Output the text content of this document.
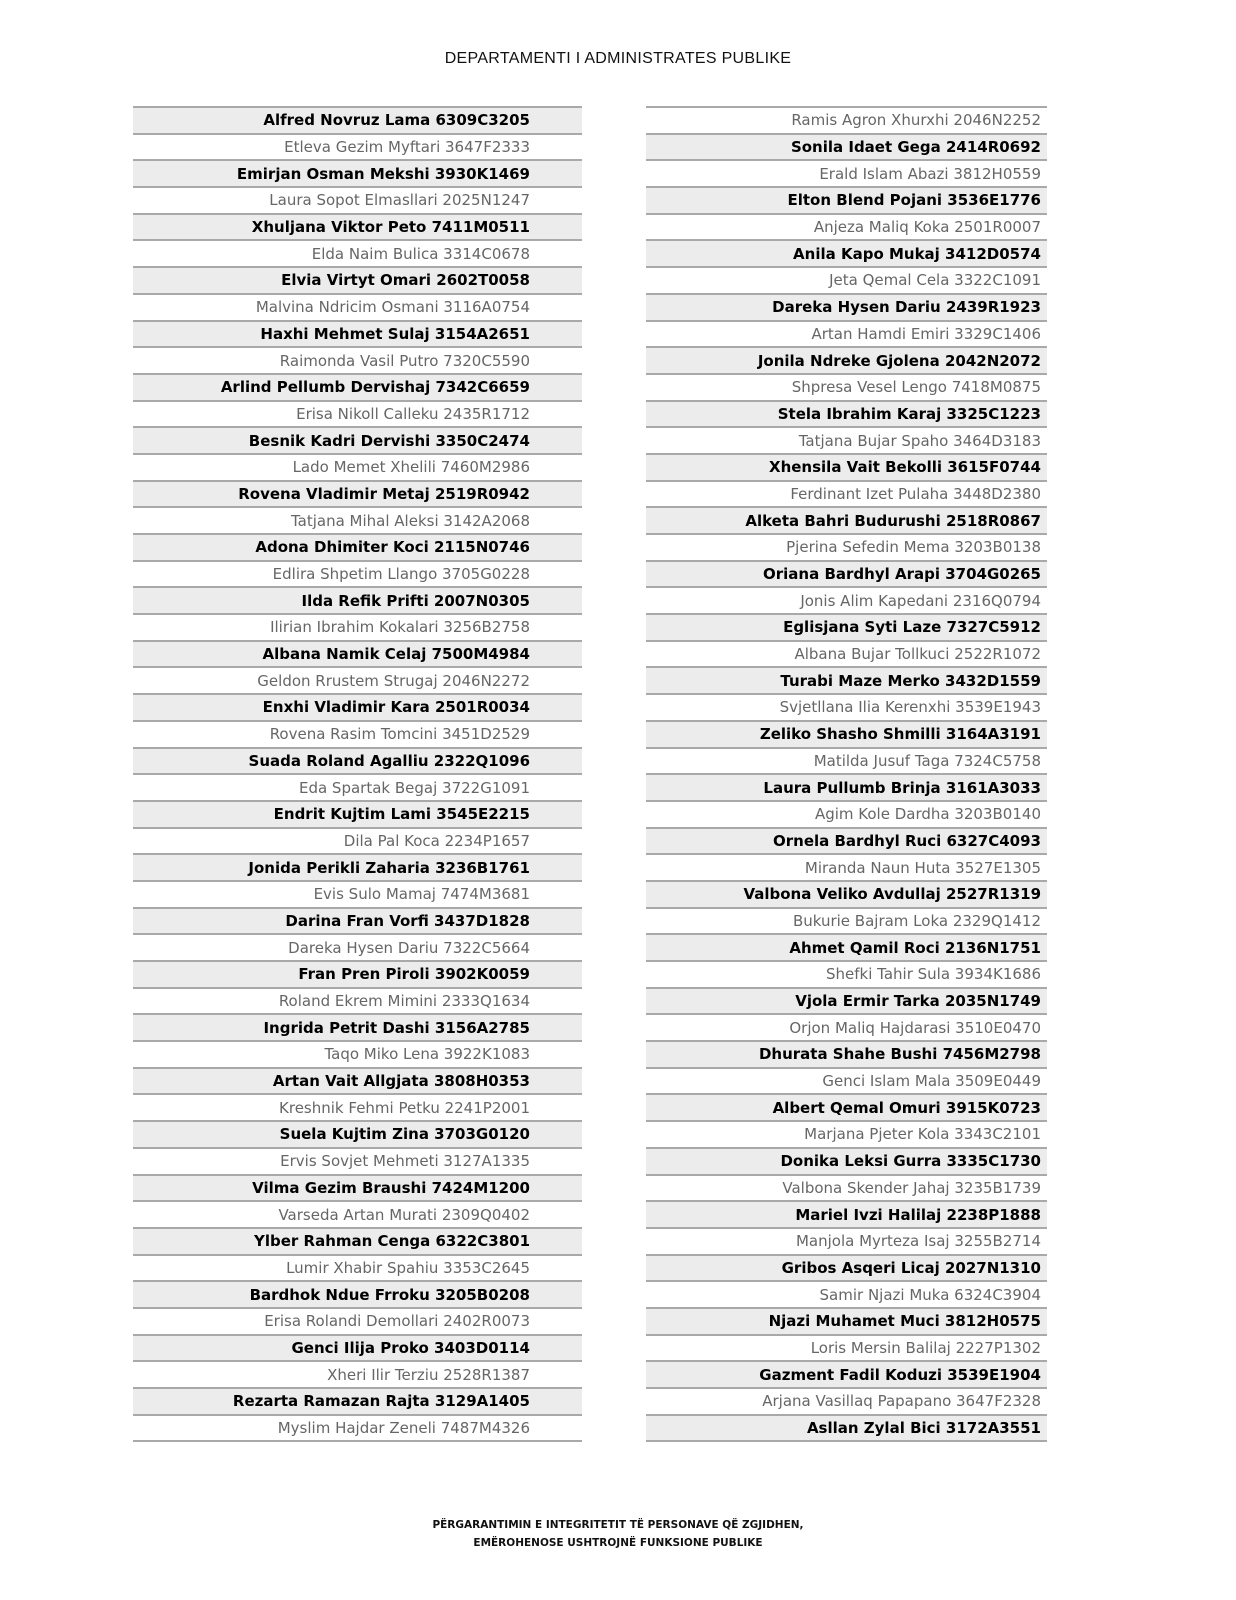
DEPARTAMENTI I ADMINISTRATES PUBLIKE
Alfred Novruz Lama 6309C3205
Etleva Gezim Myftari 3647F2333
Emirjan Osman Mekshi 3930K1469
Laura Sopot Elmasllari 2025N1247
Xhuljana Viktor Peto 7411M0511
Elda Naim Bulica 3314C0678
Elvia Virtyt Omari 2602T0058
Malvina Ndricim Osmani 3116A0754
Haxhi Mehmet Sulaj 3154A2651
Raimonda Vasil Putro 7320C5590
Arlind Pellumb Dervishaj 7342C6659
Erisa Nikoll Calleku 2435R1712
Besnik Kadri Dervishi 3350C2474
Lado Memet Xhelili 7460M2986
Rovena Vladimir Metaj 2519R0942
Tatjana Mihal Aleksi 3142A2068
Adona Dhimiter Koci 2115N0746
Edlira Shpetim Llango 3705G0228
Ilda Refik Prifti 2007N0305
Ilirian Ibrahim Kokalari 3256B2758
Albana Namik Celaj 7500M4984
Geldon Rrustem Strugaj 2046N2272
Enxhi Vladimir Kara 2501R0034
Rovena Rasim Tomcini 3451D2529
Suada Roland Agalliu 2322Q1096
Eda Spartak Begaj 3722G1091
Endrit Kujtim Lami 3545E2215
Dila Pal Koca 2234P1657
Jonida Perikli Zaharia 3236B1761
Evis Sulo Mamaj 7474M3681
Darina Fran Vorfi 3437D1828
Dareka Hysen Dariu 7322C5664
Fran Pren Piroli 3902K0059
Roland Ekrem Mimini 2333Q1634
Ingrida Petrit Dashi 3156A2785
Taqo Miko Lena 3922K1083
Artan Vait Allgjata 3808H0353
Kreshnik Fehmi Petku 2241P2001
Suela Kujtim Zina 3703G0120
Ervis Sovjet Mehmeti 3127A1335
Vilma Gezim Braushi 7424M1200
Varseda Artan Murati 2309Q0402
Ylber Rahman Cenga 6322C3801
Lumir Xhabir Spahiu 3353C2645
Bardhok Ndue Frroku 3205B0208
Erisa Rolandi Demollari 2402R0073
Genci Ilija Proko 3403D0114
Xheri Ilir Terziu 2528R1387
Rezarta Ramazan Rajta 3129A1405
Myslim Hajdar Zeneli 7487M4326
Ramis Agron Xhurxhi 2046N2252
Sonila Idaet Gega 2414R0692
Erald Islam Abazi 3812H0559
Elton Blend Pojani 3536E1776
Anjeza Maliq Koka 2501R0007
Anila Kapo Mukaj 3412D0574
Jeta Qemal Cela 3322C1091
Dareka Hysen Dariu 2439R1923
Artan Hamdi Emiri 3329C1406
Jonila Ndreke Gjolena 2042N2072
Shpresa Vesel Lengo 7418M0875
Stela Ibrahim Karaj 3325C1223
Tatjana Bujar Spaho 3464D3183
Xhensila Vait Bekolli 3615F0744
Ferdinant Izet Pulaha 3448D2380
Alketa Bahri Budurushi 2518R0867
Pjerina Sefedin Mema 3203B0138
Oriana Bardhyl Arapi 3704G0265
Jonis Alim Kapedani 2316Q0794
Eglisjana Syti Laze 7327C5912
Albana Bujar Tollkuci 2522R1072
Turabi Maze Merko 3432D1559
Svjetllana Ilia Kerenxhi 3539E1943
Zeliko Shasho Shmilli 3164A3191
Matilda Jusuf Taga 7324C5758
Laura Pullumb Brinja 3161A3033
Agim Kole Dardha 3203B0140
Ornela Bardhyl Ruci 6327C4093
Miranda Naun Huta 3527E1305
Valbona Veliko Avdullaj 2527R1319
Bukurie Bajram Loka 2329Q1412
Ahmet Qamil Roci 2136N1751
Shefki Tahir Sula 3934K1686
Vjola Ermir Tarka 2035N1749
Orjon Maliq Hajdarasi 3510E0470
Dhurata Shahe Bushi 7456M2798
Genci Islam Mala 3509E0449
Albert Qemal Omuri 3915K0723
Marjana Pjeter Kola 3343C2101
Donika Leksi Gurra 3335C1730
Valbona Skender Jahaj 3235B1739
Mariel Ivzi Halilaj 2238P1888
Manjola Myrteza Isaj 3255B2714
Gribos Asqeri Licaj 2027N1310
Samir Njazi Muka 6324C3904
Njazi Muhamet Muci 3812H0575
Loris Mersin Balilaj 2227P1302
Gazment Fadil Koduzi 3539E1904
Arjana Vasillaq Papapano 3647F2328
Asllan Zylal Bici 3172A3551
PËRGARANTIMIN E INTEGRITETIT TË PERSONAVE QË ZGJIDHEN,
EMËROHENOSE USHTROJNË FUNKSIONE PUBLIKE
